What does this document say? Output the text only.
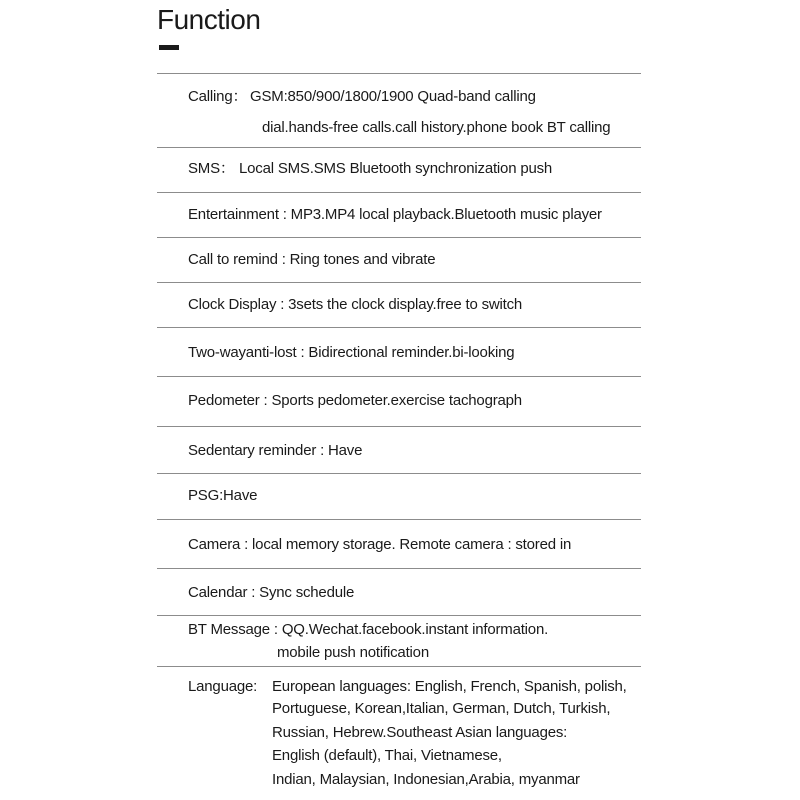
Function
Calling： GSM:850/900/1800/1900 Quad-band calling
dial.hands-free calls.call history.phone book BT calling
SMS： Local SMS.SMS Bluetooth synchronization push
Entertainment : MP3.MP4 local playback.Bluetooth music player
Call to remind : Ring tones and vibrate
Clock Display : 3sets the clock display.free to switch
Two-wayanti-lost : Bidirectional reminder.bi-looking
Pedometer : Sports pedometer.exercise tachograph
Sedentary reminder : Have
PSG:Have
Camera : local memory storage. Remote camera : stored in
Calendar : Sync schedule
BT Message : QQ.Wechat.facebook.instant information.
mobile push notification
Language: European languages: English, French, Spanish, polish,
Portuguese, Korean,Italian, German, Dutch, Turkish,
Russian, Hebrew.Southeast Asian languages:
English (default), Thai, Vietnamese,
Indian, Malaysian, Indonesian,Arabia, myanmar
